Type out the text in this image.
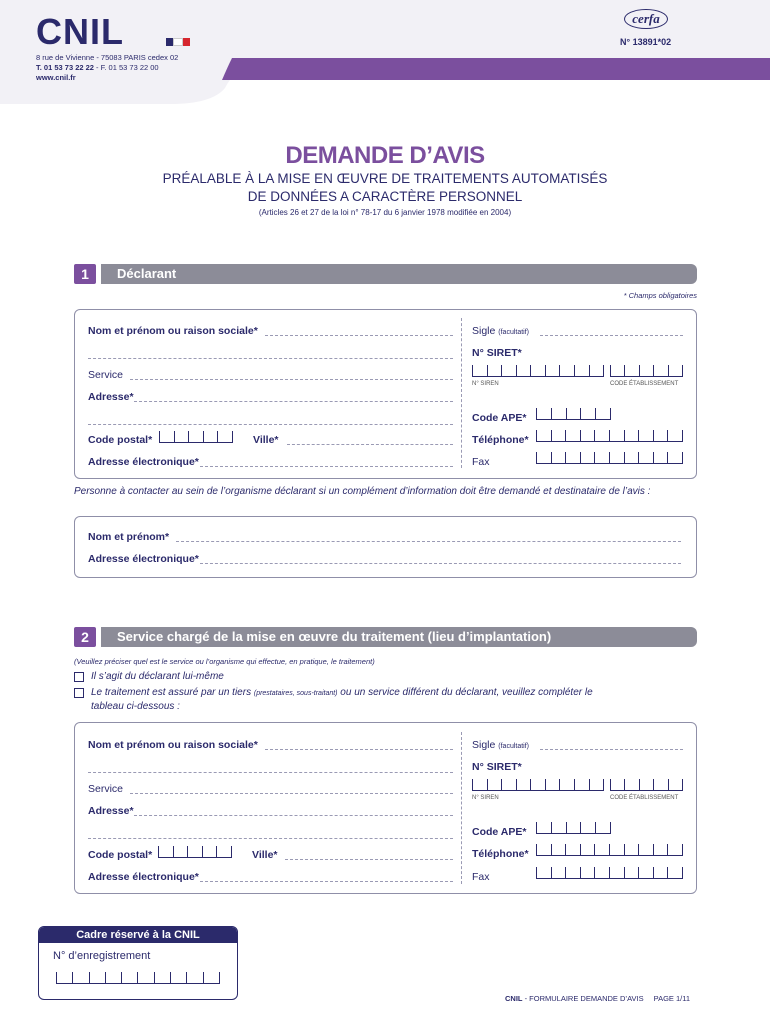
CNIL
8 rue de Vivienne - 75083 PARIS cedex 02
T. 01 53 73 22 22 - F. 01 53 73 22 00
www.cnil.fr
cerfa
N° 13891*02
DEMANDE D’AVIS
PRÉALABLE À LA MISE EN ŒUVRE DE TRAITEMENTS AUTOMATISÉS
DE DONNÉES A CARACTÈRE PERSONNEL
(Articles 26 et 27 de la loi n° 78-17 du 6 janvier 1978 modifiée en 2004)
1	Déclarant
* Champs obligatoires
Nom et prénom ou raison sociale*
Service
Adresse*
Code postal*	Ville*
Adresse électronique*
Sigle (facultatif)
N° SIRET*
N° SIREN	CODE ÉTABLISSEMENT
Code APE*
Téléphone*
Fax
Personne à contacter au sein de l’organisme déclarant si un complément d’information doit être demandé et destinataire de l’avis :
Nom et prénom*
Adresse électronique*
2	Service chargé de la mise en œuvre du traitement (lieu d’implantation)
(Veuillez préciser quel est le service ou l’organisme qui effectue, en pratique, le traitement)
Il s’agit du déclarant lui-même
Le traitement est assuré par un tiers (prestataires, sous-traitant) ou un service différent du déclarant, veuillez compléter le
tableau ci-dessous :
Nom et prénom ou raison sociale*
Service
Adresse*
Code postal*	Ville*
Adresse électronique*
Sigle (facultatif)
N° SIRET*
N° SIREN	CODE ÉTABLISSEMENT
Code APE*
Téléphone*
Fax
Cadre réservé à la CNIL
N° d’enregistrement
CNIL - FORMULAIRE DEMANDE D’AVIS PAGE 1/11
